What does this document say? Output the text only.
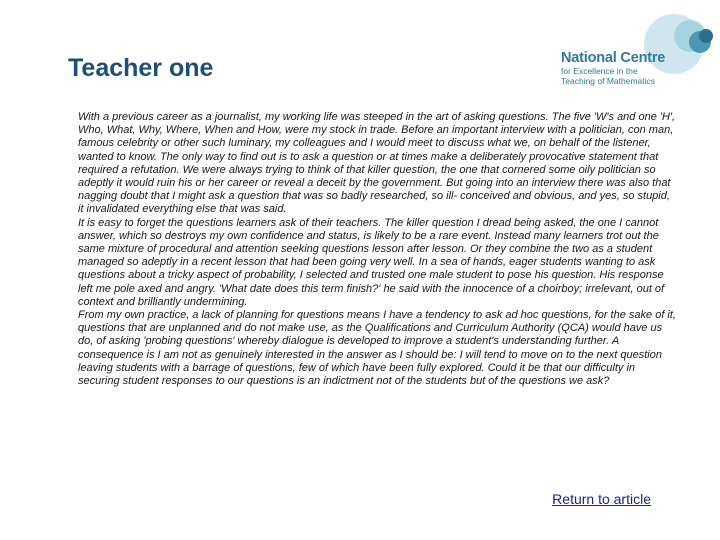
Teacher one	National Centre
for Excellence in the
Teaching of Mathematics

With a previous career as a journalist, my working life was steeped in the art of asking questions. The five 'W's and one 'H', Who, What, Why, Where, When and How, were my stock in trade. Before an important interview with a politician, con man, famous celebrity or other such luminary, my colleagues and I would meet to discuss what we, on behalf of the listener, wanted to know. The only way to find out is to ask a question or at times make a deliberately provocative statement that required a refutation. We were always trying to think of that killer question, the one that cornered some oily politician so adeptly it would ruin his or her career or reveal a deceit by the government. But going into an interview there was also that nagging doubt that I might ask a question that was so badly researched, so ill- conceived and obvious, and yes, so stupid, it invalidated everything else that was said.

It is easy to forget the questions learners ask of their teachers. The killer question I dread being asked, the one I cannot answer, which so destroys my own confidence and status, is likely to be a rare event. Instead many learners trot out the same mixture of procedural and attention seeking questions lesson after lesson. Or they combine the two as a student managed so adeptly in a recent lesson that had been going very well. In a sea of hands, eager students wanting to ask questions about a tricky aspect of probability, I selected and trusted one male student to pose his question. His response left me pole axed and angry. 'What date does this term finish?' he said with the innocence of a choirboy; irrelevant, out of context and brilliantly undermining.

From my own practice, a lack of planning for questions means I have a tendency to ask ad hoc questions, for the sake of it, questions that are unplanned and do not make use, as the Qualifications and Curriculum Authority (QCA) would have us do, of asking 'probing questions' whereby dialogue is developed to improve a student's understanding further. A consequence is I am not as genuinely interested in the answer as I should be: I will tend to move on to the next question leaving students with a barrage of questions, few of which have been fully explored. Could it be that our difficulty in securing student responses to our questions is an indictment not of the students but of the questions we ask?

Return to article
